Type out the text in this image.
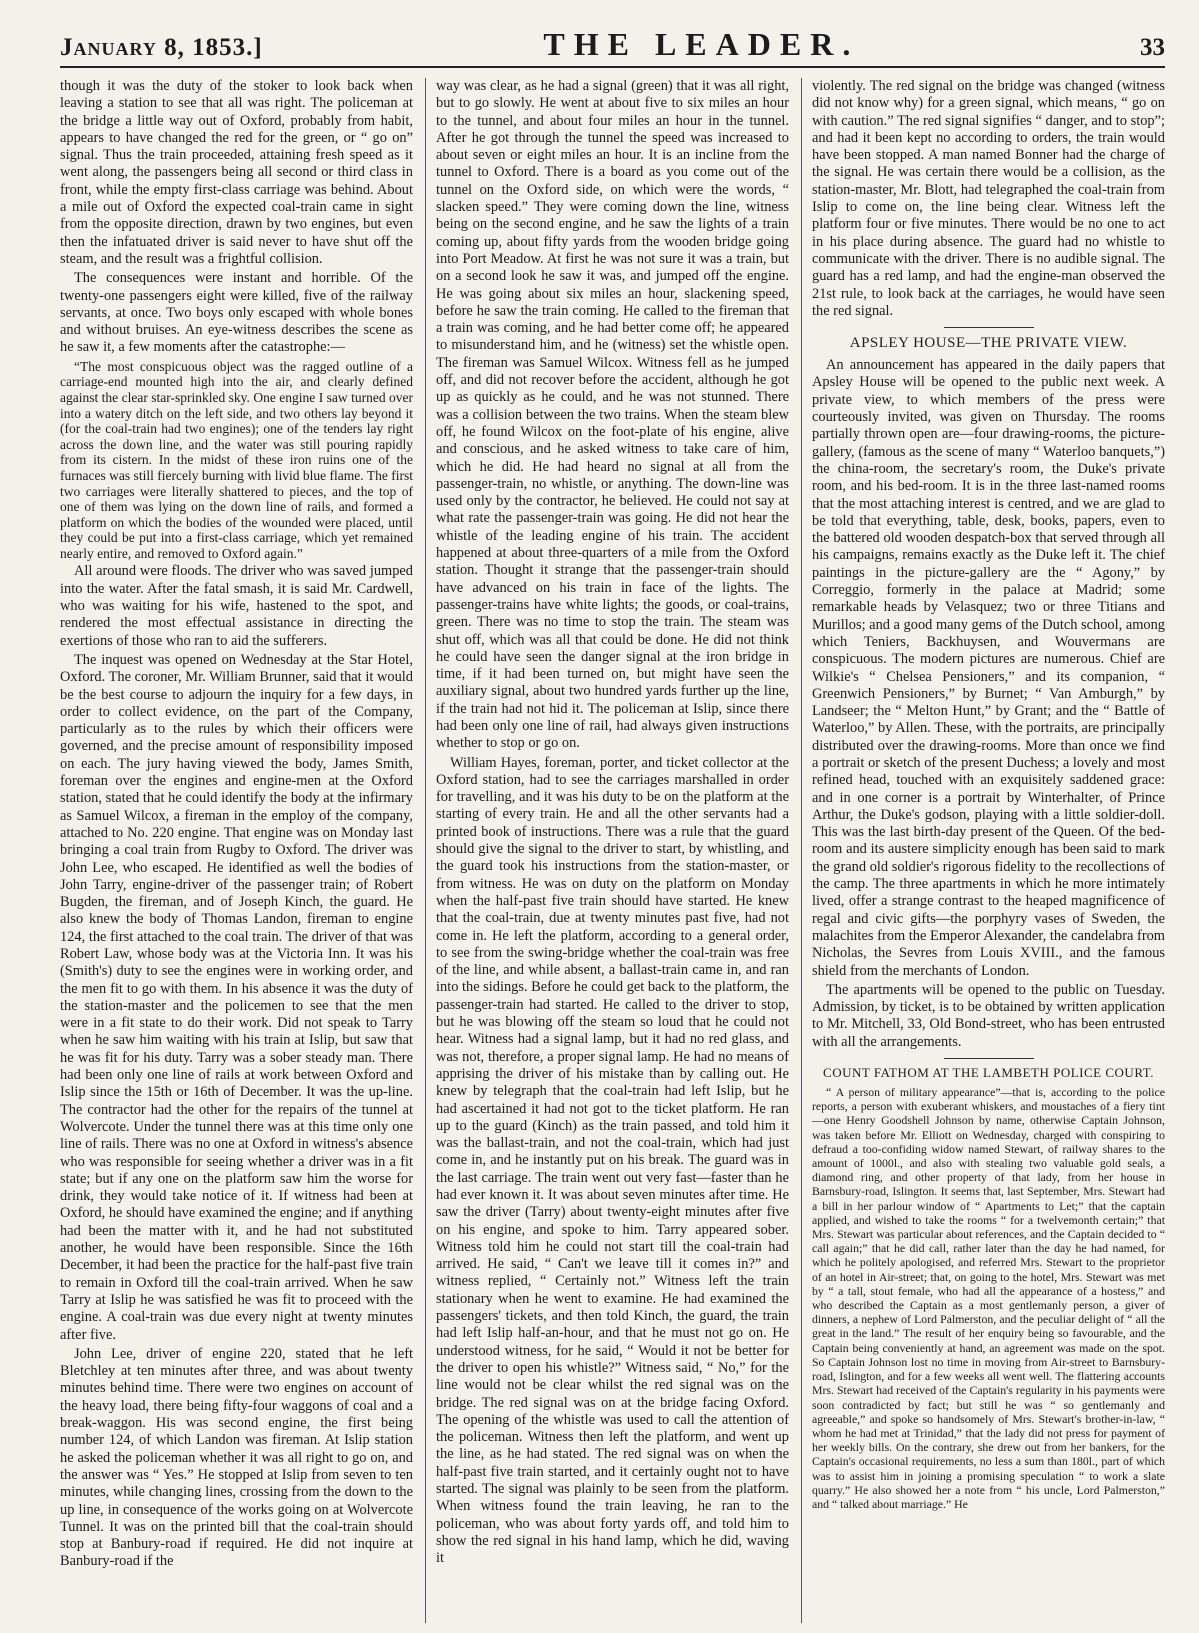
January 8, 1853.]	THE LEADER.	33

though it was the duty of the stoker to look back when leaving a station to see that all was right. The policeman at the bridge a little way out of Oxford, probably from habit, appears to have changed the red for the green, or “ go on” signal. Thus the train proceeded, attaining fresh speed as it went along, the passengers being all second or third class in front, while the empty first-class carriage was behind. About a mile out of Oxford the expected coal-train came in sight from the opposite direction, drawn by two engines, but even then the infatuated driver is said never to have shut off the steam, and the result was a frightful collision.

The consequences were instant and horrible. Of the twenty-one passengers eight were killed, five of the railway servants, at once. Two boys only escaped with whole bones and without bruises. An eye-witness describes the scene as he saw it, a few moments after the catastrophe:—

“The most conspicuous object was the ragged outline of a carriage-end mounted high into the air, and clearly defined against the clear star-sprinkled sky. One engine I saw turned over into a watery ditch on the left side, and two others lay beyond it (for the coal-train had two engines); one of the tenders lay right across the down line, and the water was still pouring rapidly from its cistern. In the midst of these iron ruins one of the furnaces was still fiercely burning with livid blue flame. The first two carriages were literally shattered to pieces, and the top of one of them was lying on the down line of rails, and formed a platform on which the bodies of the wounded were placed, until they could be put into a first-class carriage, which yet remained nearly entire, and removed to Oxford again.”

All around were floods. The driver who was saved jumped into the water. After the fatal smash, it is said Mr. Cardwell, who was waiting for his wife, hastened to the spot, and rendered the most effectual assistance in directing the exertions of those who ran to aid the sufferers.

The inquest was opened on Wednesday at the Star Hotel, Oxford. The coroner, Mr. William Brunner, said that it would be the best course to adjourn the inquiry for a few days, in order to collect evidence, on the part of the Company, particularly as to the rules by which their officers were governed, and the precise amount of responsibility imposed on each. The jury having viewed the body, James Smith, foreman over the engines and engine-men at the Oxford station, stated that he could identify the body at the infirmary as Samuel Wilcox, a fireman in the employ of the company, attached to No. 220 engine. That engine was on Monday last bringing a coal train from Rugby to Oxford. The driver was John Lee, who escaped. He identified as well the bodies of John Tarry, engine-driver of the passenger train; of Robert Bugden, the fireman, and of Joseph Kinch, the guard. He also knew the body of Thomas Landon, fireman to engine 124, the first attached to the coal train. The driver of that was Robert Law, whose body was at the Victoria Inn. It was his (Smith's) duty to see the engines were in working order, and the men fit to go with them. In his absence it was the duty of the station-master and the policemen to see that the men were in a fit state to do their work. Did not speak to Tarry when he saw him waiting with his train at Islip, but saw that he was fit for his duty. Tarry was a sober steady man. There had been only one line of rails at work between Oxford and Islip since the 15th or 16th of December. It was the up-line. The contractor had the other for the repairs of the tunnel at Wolvercote. Under the tunnel there was at this time only one line of rails. There was no one at Oxford in witness's absence who was responsible for seeing whether a driver was in a fit state; but if any one on the platform saw him the worse for drink, they would take notice of it. If witness had been at Oxford, he should have examined the engine; and if anything had been the matter with it, and he had not substituted another, he would have been responsible. Since the 16th December, it had been the practice for the half-past five train to remain in Oxford till the coal-train arrived. When he saw Tarry at Islip he was satisfied he was fit to proceed with the engine. A coal-train was due every night at twenty minutes after five.

John Lee, driver of engine 220, stated that he left Bletchley at ten minutes after three, and was about twenty minutes behind time. There were two engines on account of the heavy load, there being fifty-four waggons of coal and a break-waggon. His was second engine, the first being number 124, of which Landon was fireman. At Islip station he asked the policeman whether it was all right to go on, and the answer was “ Yes.” He stopped at Islip from seven to ten minutes, while changing lines, crossing from the down to the up line, in consequence of the works going on at Wolvercote Tunnel. It was on the printed bill that the coal-train should stop at Banbury-road if required. He did not inquire at Banbury-road if the

way was clear, as he had a signal (green) that it was all right, but to go slowly. He went at about five to six miles an hour to the tunnel, and about four miles an hour in the tunnel. After he got through the tunnel the speed was increased to about seven or eight miles an hour. It is an incline from the tunnel to Oxford. There is a board as you come out of the tunnel on the Oxford side, on which were the words, “ slacken speed.” They were coming down the line, witness being on the second engine, and he saw the lights of a train coming up, about fifty yards from the wooden bridge going into Port Meadow. At first he was not sure it was a train, but on a second look he saw it was, and jumped off the engine. He was going about six miles an hour, slackening speed, before he saw the train coming. He called to the fireman that a train was coming, and he had better come off; he appeared to misunderstand him, and he (witness) set the whistle open. The fireman was Samuel Wilcox. Witness fell as he jumped off, and did not recover before the accident, although he got up as quickly as he could, and he was not stunned. There was a collision between the two trains. When the steam blew off, he found Wilcox on the foot-plate of his engine, alive and conscious, and he asked witness to take care of him, which he did. He had heard no signal at all from the passenger-train, no whistle, or anything. The down-line was used only by the contractor, he believed. He could not say at what rate the passenger-train was going. He did not hear the whistle of the leading engine of his train. The accident happened at about three-quarters of a mile from the Oxford station. Thought it strange that the passenger-train should have advanced on his train in face of the lights. The passenger-trains have white lights; the goods, or coal-trains, green. There was no time to stop the train. The steam was shut off, which was all that could be done. He did not think he could have seen the danger signal at the iron bridge in time, if it had been turned on, but might have seen the auxiliary signal, about two hundred yards further up the line, if the train had not hid it. The policeman at Islip, since there had been only one line of rail, had always given instructions whether to stop or go on.

William Hayes, foreman, porter, and ticket collector at the Oxford station, had to see the carriages marshalled in order for travelling, and it was his duty to be on the platform at the starting of every train. He and all the other servants had a printed book of instructions. There was a rule that the guard should give the signal to the driver to start, by whistling, and the guard took his instructions from the station-master, or from witness. He was on duty on the platform on Monday when the half-past five train should have started. He knew that the coal-train, due at twenty minutes past five, had not come in. He left the platform, according to a general order, to see from the swing-bridge whether the coal-train was free of the line, and while absent, a ballast-train came in, and ran into the sidings. Before he could get back to the platform, the passenger-train had started. He called to the driver to stop, but he was blowing off the steam so loud that he could not hear. Witness had a signal lamp, but it had no red glass, and was not, therefore, a proper signal lamp. He had no means of apprising the driver of his mistake than by calling out. He knew by telegraph that the coal-train had left Islip, but he had ascertained it had not got to the ticket platform. He ran up to the guard (Kinch) as the train passed, and told him it was the ballast-train, and not the coal-train, which had just come in, and he instantly put on his break. The guard was in the last carriage. The train went out very fast—faster than he had ever known it. It was about seven minutes after time. He saw the driver (Tarry) about twenty-eight minutes after five on his engine, and spoke to him. Tarry appeared sober. Witness told him he could not start till the coal-train had arrived. He said, “ Can't we leave till it comes in?” and witness replied, “ Certainly not.” Witness left the train stationary when he went to examine. He had examined the passengers' tickets, and then told Kinch, the guard, the train had left Islip half-an-hour, and that he must not go on. He understood witness, for he said, “ Would it not be better for the driver to open his whistle?” Witness said, “ No,” for the line would not be clear whilst the red signal was on the bridge. The red signal was on at the bridge facing Oxford. The opening of the whistle was used to call the attention of the policeman. Witness then left the platform, and went up the line, as he had stated. The red signal was on when the half-past five train started, and it certainly ought not to have started. The signal was plainly to be seen from the platform. When witness found the train leaving, he ran to the policeman, who was about forty yards off, and told him to show the red signal in his hand lamp, which he did, waving it

violently. The red signal on the bridge was changed (witness did not know why) for a green signal, which means, “ go on with caution.” The red signal signifies “ danger, and to stop”; and had it been kept no according to orders, the train would have been stopped. A man named Bonner had the charge of the signal. He was certain there would be a collision, as the station-master, Mr. Blott, had telegraphed the coal-train from Islip to come on, the line being clear. Witness left the platform four or five minutes. There would be no one to act in his place during absence. The guard had no whistle to communicate with the driver. There is no audible signal. The guard has a red lamp, and had the engine-man observed the 21st rule, to look back at the carriages, he would have seen the red signal.

APSLEY HOUSE—THE PRIVATE VIEW.

An announcement has appeared in the daily papers that Apsley House will be opened to the public next week. A private view, to which members of the press were courteously invited, was given on Thursday. The rooms partially thrown open are—four drawing-rooms, the picture-gallery, (famous as the scene of many “ Waterloo banquets,”) the china-room, the secretary's room, the Duke's private room, and his bed-room. It is in the three last-named rooms that the most attaching interest is centred, and we are glad to be told that everything, table, desk, books, papers, even to the battered old wooden despatch-box that served through all his campaigns, remains exactly as the Duke left it. The chief paintings in the picture-gallery are the “ Agony,” by Correggio, formerly in the palace at Madrid; some remarkable heads by Velasquez; two or three Titians and Murillos; and a good many gems of the Dutch school, among which Teniers, Backhuysen, and Wouvermans are conspicuous. The modern pictures are numerous. Chief are Wilkie's “ Chelsea Pensioners,” and its companion, “ Greenwich Pensioners,” by Burnet; “ Van Amburgh,” by Landseer; the “ Melton Hunt,” by Grant; and the “ Battle of Waterloo,” by Allen. These, with the portraits, are principally distributed over the drawing-rooms. More than once we find a portrait or sketch of the present Duchess; a lovely and most refined head, touched with an exquisitely saddened grace: and in one corner is a portrait by Winterhalter, of Prince Arthur, the Duke's godson, playing with a little soldier-doll. This was the last birth-day present of the Queen. Of the bed-room and its austere simplicity enough has been said to mark the grand old soldier's rigorous fidelity to the recollections of the camp. The three apartments in which he more intimately lived, offer a strange contrast to the heaped magnificence of regal and civic gifts—the porphyry vases of Sweden, the malachites from the Emperor Alexander, the candelabra from Nicholas, the Sevres from Louis XVIII., and the famous shield from the merchants of London.

The apartments will be opened to the public on Tuesday. Admission, by ticket, is to be obtained by written application to Mr. Mitchell, 33, Old Bond-street, who has been entrusted with all the arrangements.

COUNT FATHOM AT THE LAMBETH POLICE COURT.

“ A person of military appearance”—that is, according to the police reports, a person with exuberant whiskers, and moustaches of a fiery tint—one Henry Goodshell Johnson by name, otherwise Captain Johnson, was taken before Mr. Elliott on Wednesday, charged with conspiring to defraud a too-confiding widow named Stewart, of railway shares to the amount of 1000l., and also with stealing two valuable gold seals, a diamond ring, and other property of that lady, from her house in Barnsbury-road, Islington. It seems that, last September, Mrs. Stewart had a bill in her parlour window of “ Apartments to Let;” that the captain applied, and wished to take the rooms “ for a twelvemonth certain;” that Mrs. Stewart was particular about references, and the Captain decided to “ call again;” that he did call, rather later than the day he had named, for which he politely apologised, and referred Mrs. Stewart to the proprietor of an hotel in Air-street; that, on going to the hotel, Mrs. Stewart was met by “ a tall, stout female, who had all the appearance of a hostess,” and who described the Captain as a most gentlemanly person, a giver of dinners, a nephew of Lord Palmerston, and the peculiar delight of “ all the great in the land.” The result of her enquiry being so favourable, and the Captain being conveniently at hand, an agreement was made on the spot. So Captain Johnson lost no time in moving from Air-street to Barnsbury-road, Islington, and for a few weeks all went well. The flattering accounts Mrs. Stewart had received of the Captain's regularity in his payments were soon contradicted by fact; but still he was “ so gentlemanly and agreeable,” and spoke so handsomely of Mrs. Stewart's brother-in-law, “ whom he had met at Trinidad,” that the lady did not press for payment of her weekly bills. On the contrary, she drew out from her bankers, for the Captain's occasional requirements, no less a sum than 180l., part of which was to assist him in joining a promising speculation “ to work a slate quarry.” He also showed her a note from “ his uncle, Lord Palmerston,” and “ talked about marriage.” He
